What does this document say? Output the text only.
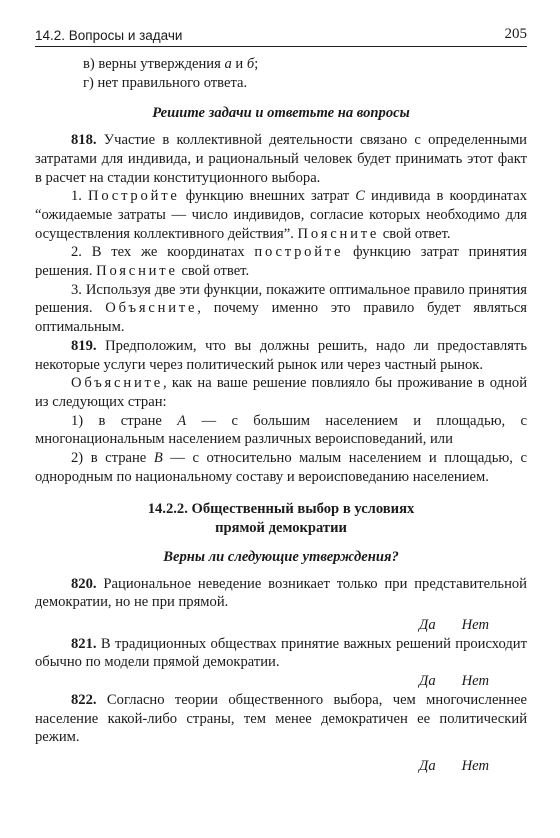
14.2. Вопросы и задачи	205

в) верны утверждения а и б;

г) нет правильного ответа.

Решите задачи и ответьте на вопросы

818. Участие в коллективной деятельности связано с определенными затратами для индивида, и рациональный человек будет принимать этот факт в расчет на стадии конституционного выбора.

1. Постройте функцию внешних затрат C индивида в координатах “ожидаемые затраты — число индивидов, согласие которых необходимо для осуществления коллективного действия”. Поясните свой ответ.

2. В тех же координатах постройте функцию затрат принятия решения. Поясните свой ответ.

3. Используя две эти функции, покажите оптимальное правило принятия решения. Объясните, почему именно это правило будет являться оптимальным.

819. Предположим, что вы должны решить, надо ли предоставлять некоторые услуги через политический рынок или через частный рынок.

Объясните, как на ваше решение повлияло бы проживание в одной из следующих стран:

1) в стране A — с большим населением и площадью, с многонациональным населением различных вероисповеданий, или

2) в стране B — с относительно малым населением и площадью, с однородным по национальному составу и вероисповеданию населением.

14.2.2. Общественный выбор в условиях

прямой демократии

Верны ли следующие утверждения?

820. Рациональное неведение возникает только при представительной демократии, но не при прямой.

Да Нет

821. В традиционных обществах принятие важных решений происходит обычно по модели прямой демократии.

Да Нет

822. Согласно теории общественного выбора, чем многочисленнее население какой-либо страны, тем менее демократичен ее политический режим.

Да Нет
